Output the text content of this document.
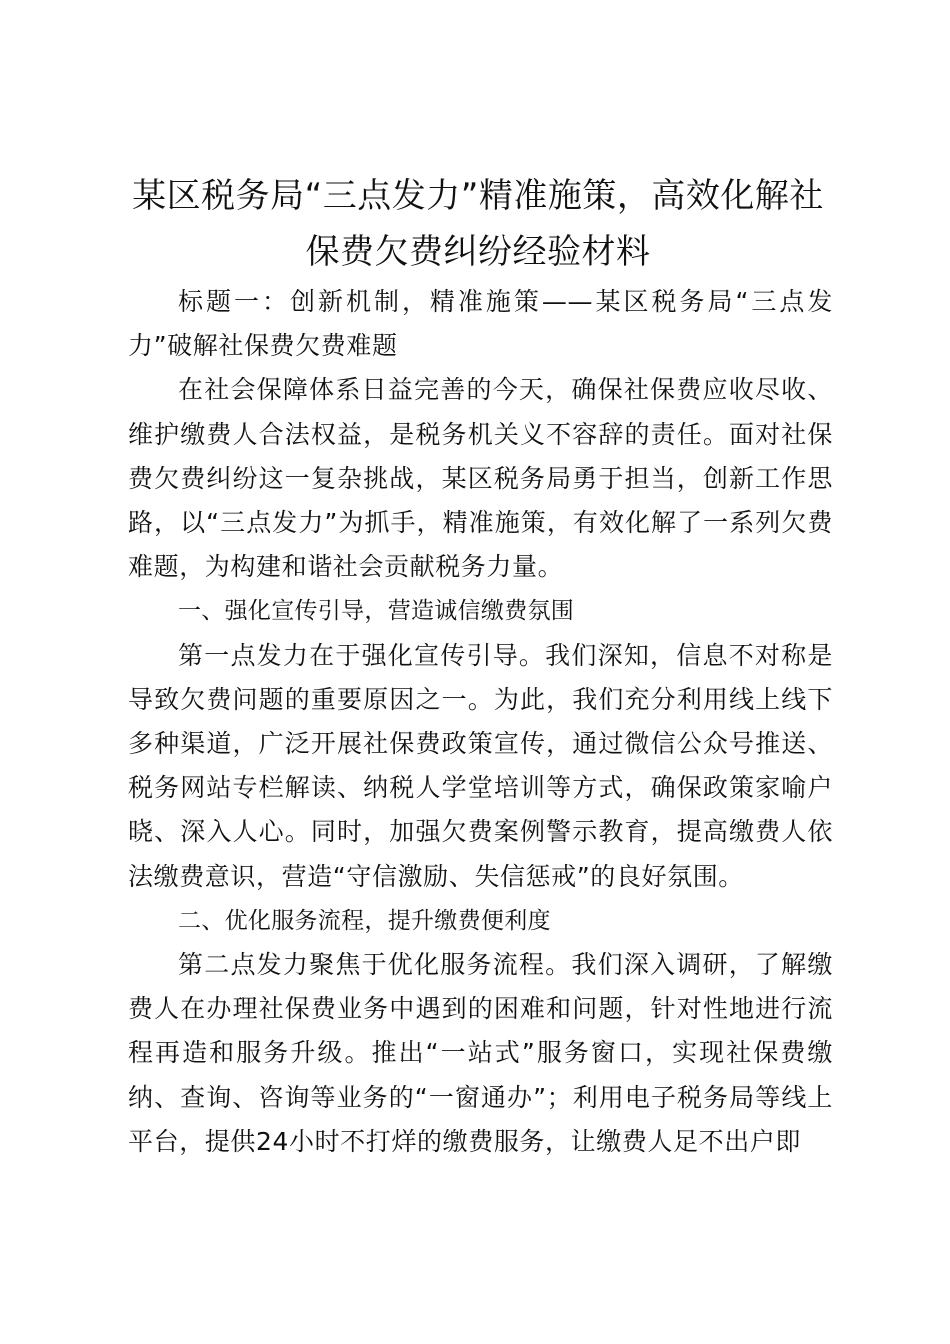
某区税务局“三点发力”精准施策，高效化解社保费欠费纠纷经验材料

标题一：创新机制，精准施策——某区税务局“三点发力”破解社保费欠费难题

在社会保障体系日益完善的今天，确保社保费应收尽收、维护缴费人合法权益，是税务机关义不容辞的责任。面对社保费欠费纠纷这一复杂挑战，某区税务局勇于担当，创新工作思路，以“三点发力”为抓手，精准施策，有效化解了一系列欠费难题，为构建和谐社会贡献税务力量。

一、强化宣传引导，营造诚信缴费氛围

第一点发力在于强化宣传引导。我们深知，信息不对称是导致欠费问题的重要原因之一。为此，我们充分利用线上线下多种渠道，广泛开展社保费政策宣传，通过微信公众号推送、税务网站专栏解读、纳税人学堂培训等方式，确保政策家喻户晓、深入人心。同时，加强欠费案例警示教育，提高缴费人依法缴费意识，营造“守信激励、失信惩戒”的良好氛围。

二、优化服务流程，提升缴费便利度

第二点发力聚焦于优化服务流程。我们深入调研，了解缴费人在办理社保费业务中遇到的困难和问题，针对性地进行流程再造和服务升级。推出“一站式”服务窗口，实现社保费缴纳、查询、咨询等业务的“一窗通办”；利用电子税务局等线上平台，提供24小时不打烊的缴费服务，让缴费人足不出户即
